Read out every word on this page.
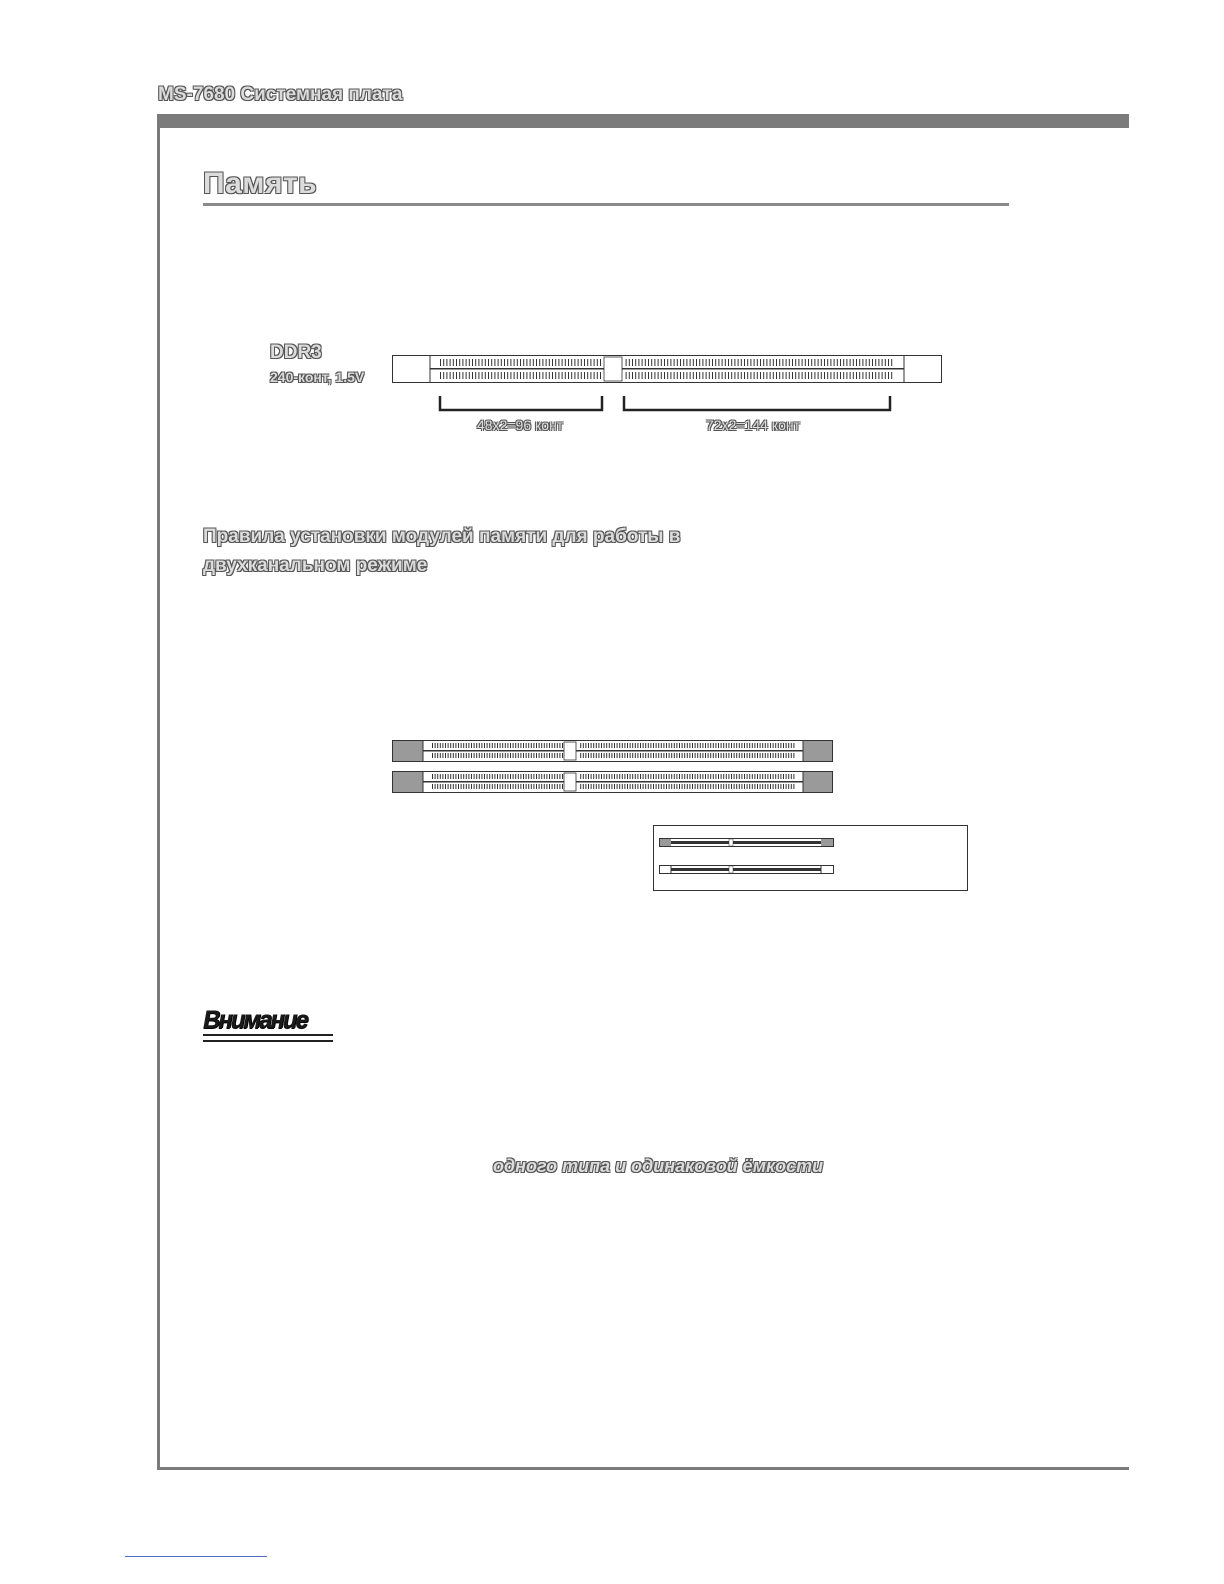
MS-7680 Системная плата
Память
DDR3
240-конт, 1.5V
48x2=96 конт	72x2=144 конт
Правила установки модулей памяти для работы в двухканальном режиме
Внимание
одного типа и одинаковой ёмкости
